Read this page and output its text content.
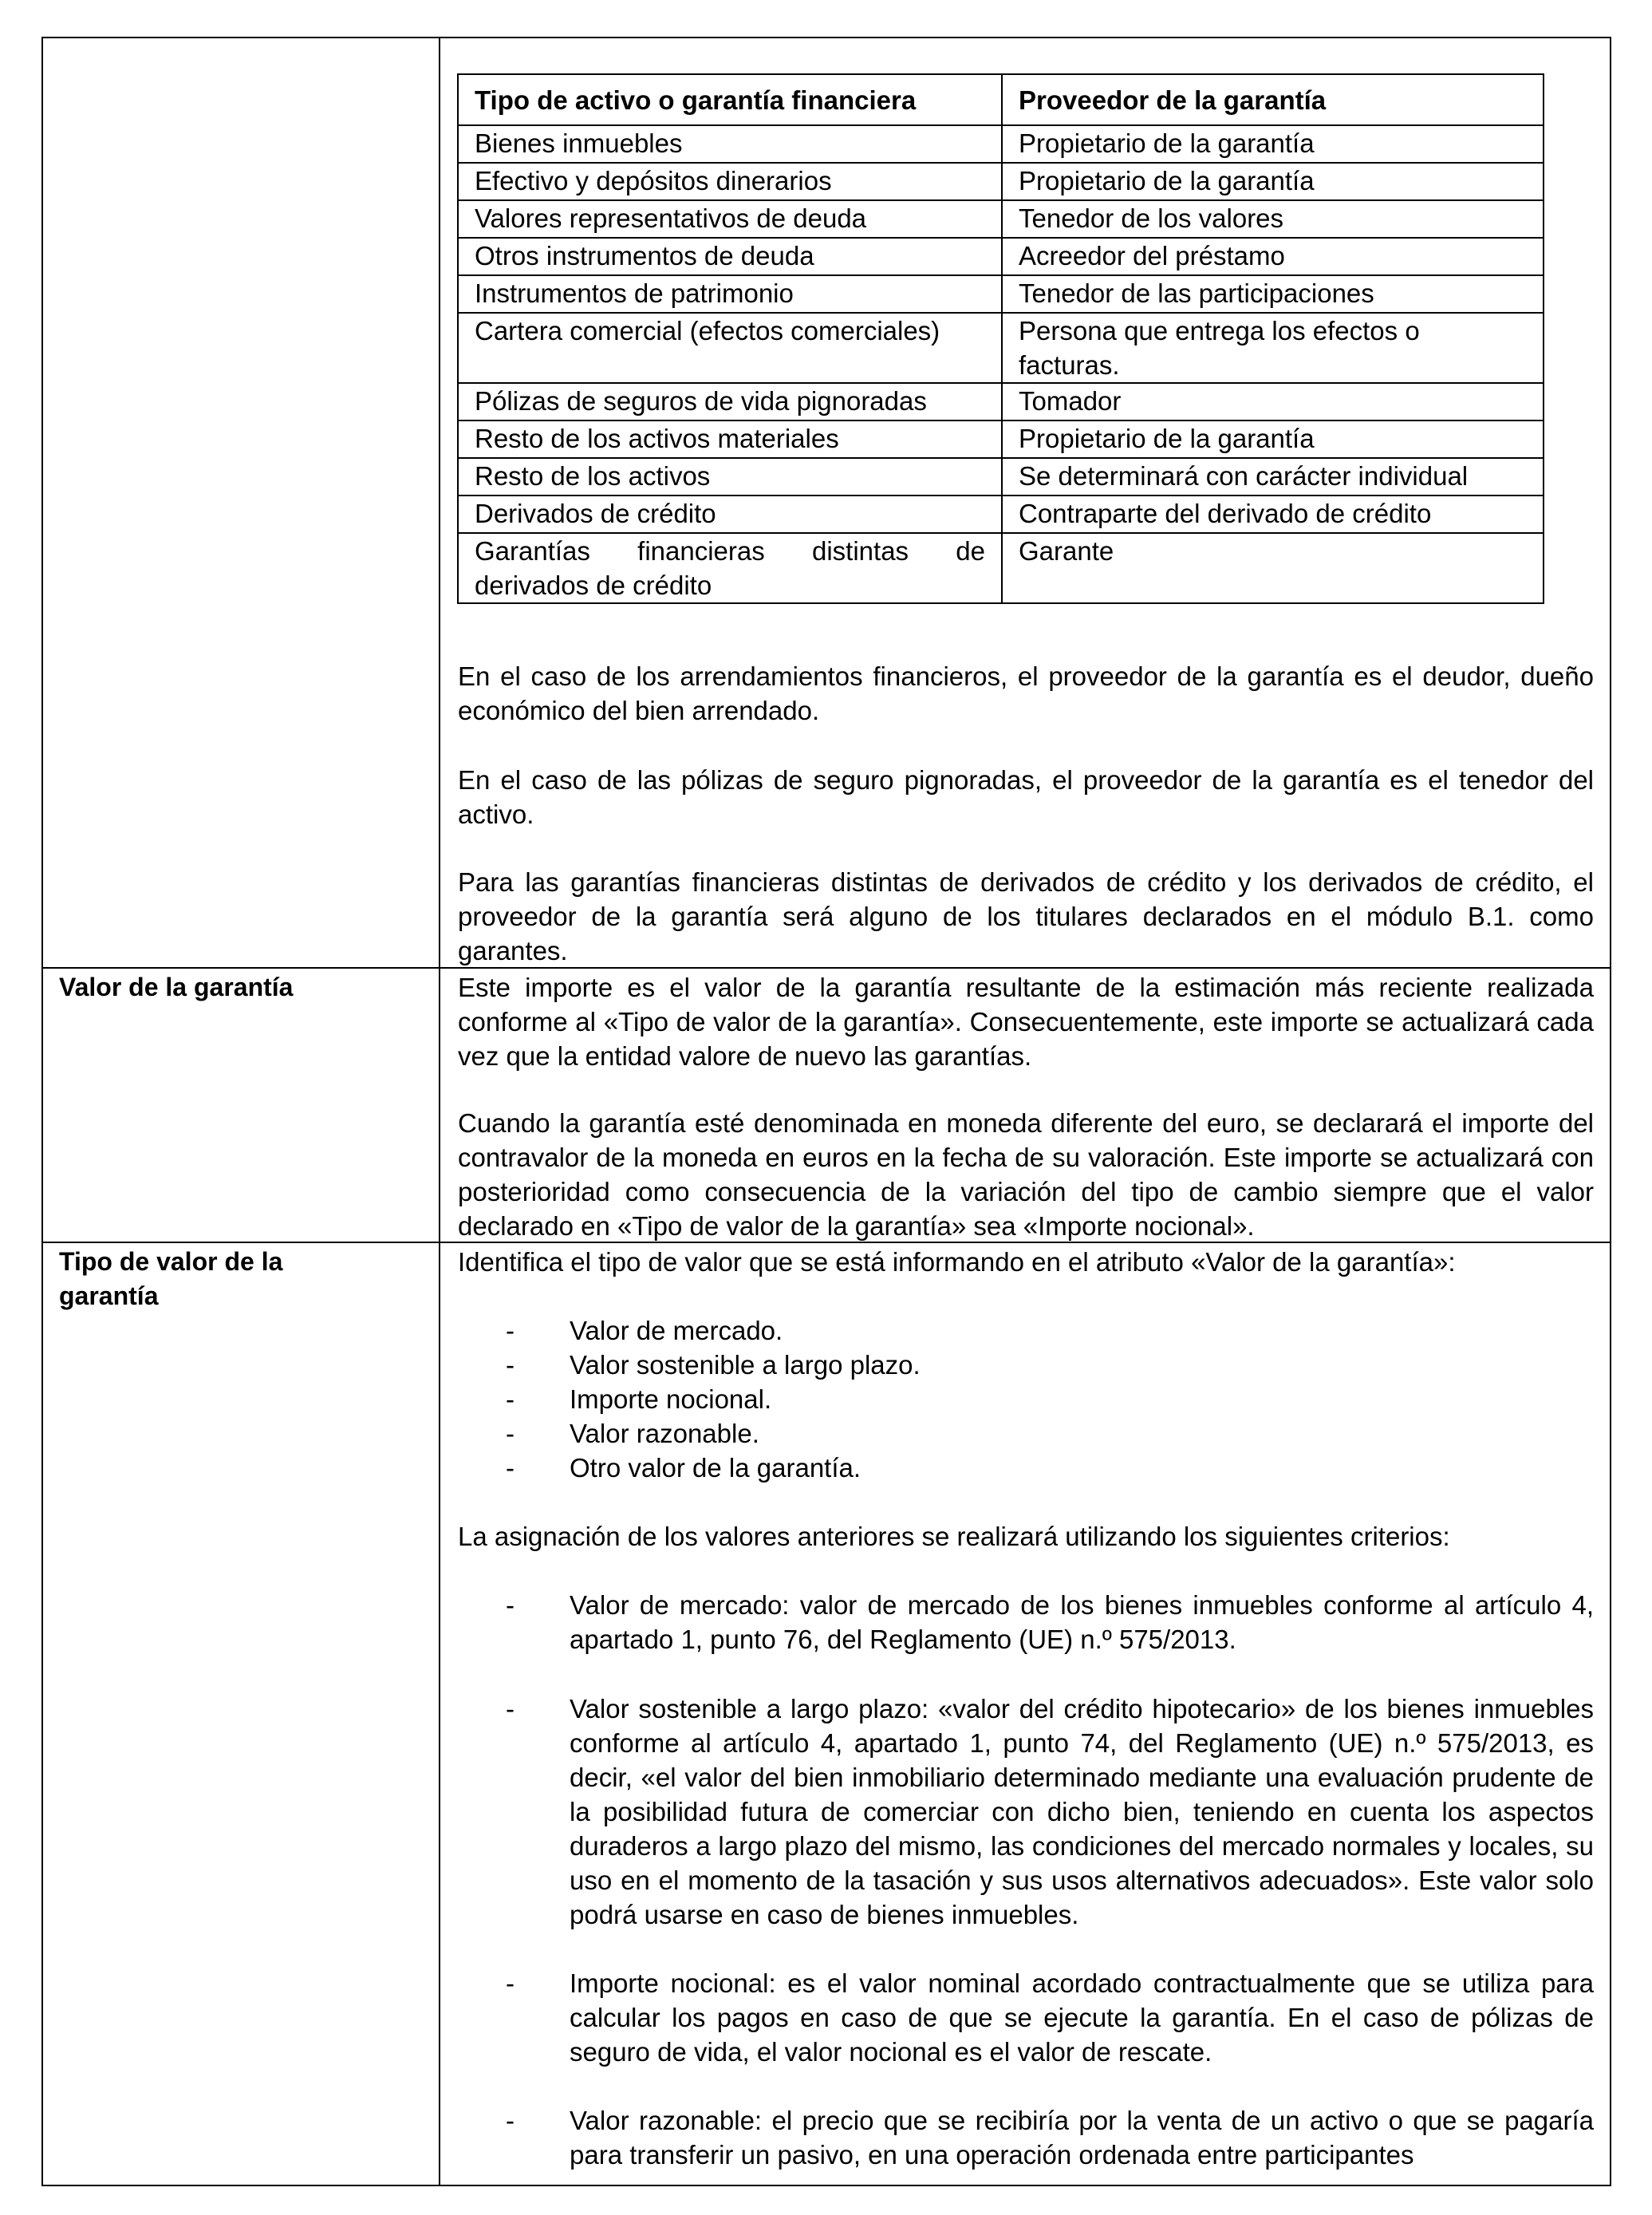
Tipo de activo o garantía financiera	Proveedor de la garantía
Bienes inmuebles	Propietario de la garantía
Efectivo y depósitos dinerarios	Propietario de la garantía
Valores representativos de deuda	Tenedor de los valores
Otros instrumentos de deuda	Acreedor del préstamo
Instrumentos de patrimonio	Tenedor de las participaciones
Cartera comercial (efectos comerciales)	Persona que entrega los efectos o facturas.
Pólizas de seguros de vida pignoradas	Tomador
Resto de los activos materiales	Propietario de la garantía
Resto de los activos	Se determinará con carácter individual
Derivados de crédito	Contraparte del derivado de crédito
Garantías financieras distintas de derivados de crédito	Garante
En el caso de los arrendamientos financieros, el proveedor de la garantía es el deudor, dueño económico del bien arrendado.
En el caso de las pólizas de seguro pignoradas, el proveedor de la garantía es el tenedor del activo.
Para las garantías financieras distintas de derivados de crédito y los derivados de crédito, el proveedor de la garantía será alguno de los titulares declarados en el módulo B.1. como garantes.
Valor de la garantía	Este importe es el valor de la garantía resultante de la estimación más reciente realizada conforme al «Tipo de valor de la garantía». Consecuentemente, este importe se actualizará cada vez que la entidad valore de nuevo las garantías.
Cuando la garantía esté denominada en moneda diferente del euro, se declarará el importe del contravalor de la moneda en euros en la fecha de su valoración. Este importe se actualizará con posterioridad como consecuencia de la variación del tipo de cambio siempre que el valor declarado en «Tipo de valor de la garantía» sea «Importe nocional».
Tipo de valor de la garantía
Identifica el tipo de valor que se está informando en el atributo «Valor de la garantía»:
- Valor de mercado.
- Valor sostenible a largo plazo.
- Importe nocional.
- Valor razonable.
- Otro valor de la garantía.
La asignación de los valores anteriores se realizará utilizando los siguientes criterios:
- Valor de mercado: valor de mercado de los bienes inmuebles conforme al artículo 4, apartado 1, punto 76, del Reglamento (UE) n.º 575/2013.
- Valor sostenible a largo plazo: «valor del crédito hipotecario» de los bienes inmuebles conforme al artículo 4, apartado 1, punto 74, del Reglamento (UE) n.º 575/2013, es decir, «el valor del bien inmobiliario determinado mediante una evaluación prudente de la posibilidad futura de comerciar con dicho bien, teniendo en cuenta los aspectos duraderos a largo plazo del mismo, las condiciones del mercado normales y locales, su uso en el momento de la tasación y sus usos alternativos adecuados». Este valor solo podrá usarse en caso de bienes inmuebles.
- Importe nocional: es el valor nominal acordado contractualmente que se utiliza para calcular los pagos en caso de que se ejecute la garantía. En el caso de pólizas de seguro de vida, el valor nocional es el valor de rescate.
- Valor razonable: el precio que se recibiría por la venta de un activo o que se pagaría para transferir un pasivo, en una operación ordenada entre participantes
